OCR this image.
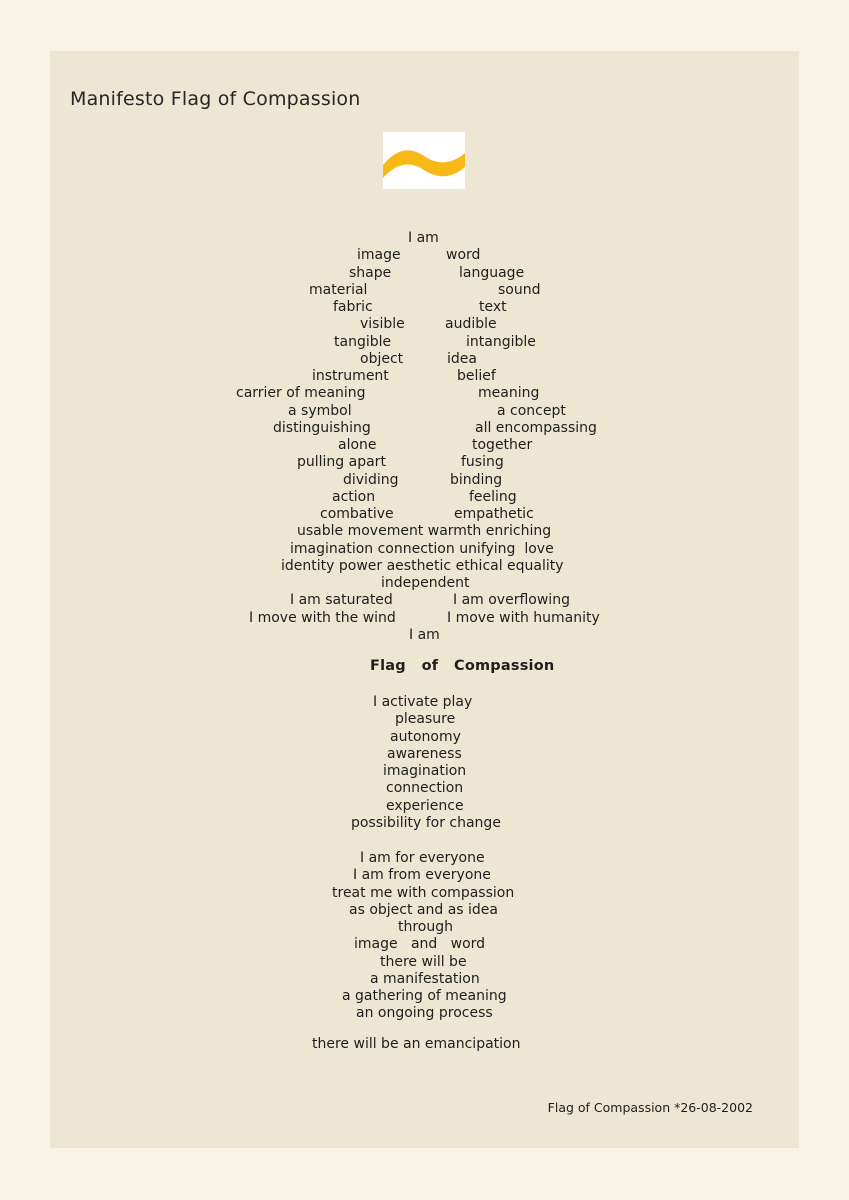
Manifesto Flag of Compassion
I am
image	word
shape	language
material	sound
fabric	text
visible	audible
tangible	intangible
object	idea
instrument	belief
carrier of meaning	meaning
a symbol	a concept
distinguishing	all encompassing
alone	together
pulling apart	fusing
dividing	binding
action	feeling
combative	empathetic
usable movement warmth enriching
imagination connection unifying  love
identity power aesthetic ethical equality
independent
I am saturated	I am overflowing
I move with the wind	I move with humanity
I am
Flag   of   Compassion
I activate play
pleasure
autonomy
awareness
imagination
connection
experience
possibility for change
I am for everyone
I am from everyone
treat me with compassion
as object and as idea
through
image   and   word
there will be
a manifestation
a gathering of meaning
an ongoing process
there will be an emancipation
Flag of Compassion *26-08-2002
